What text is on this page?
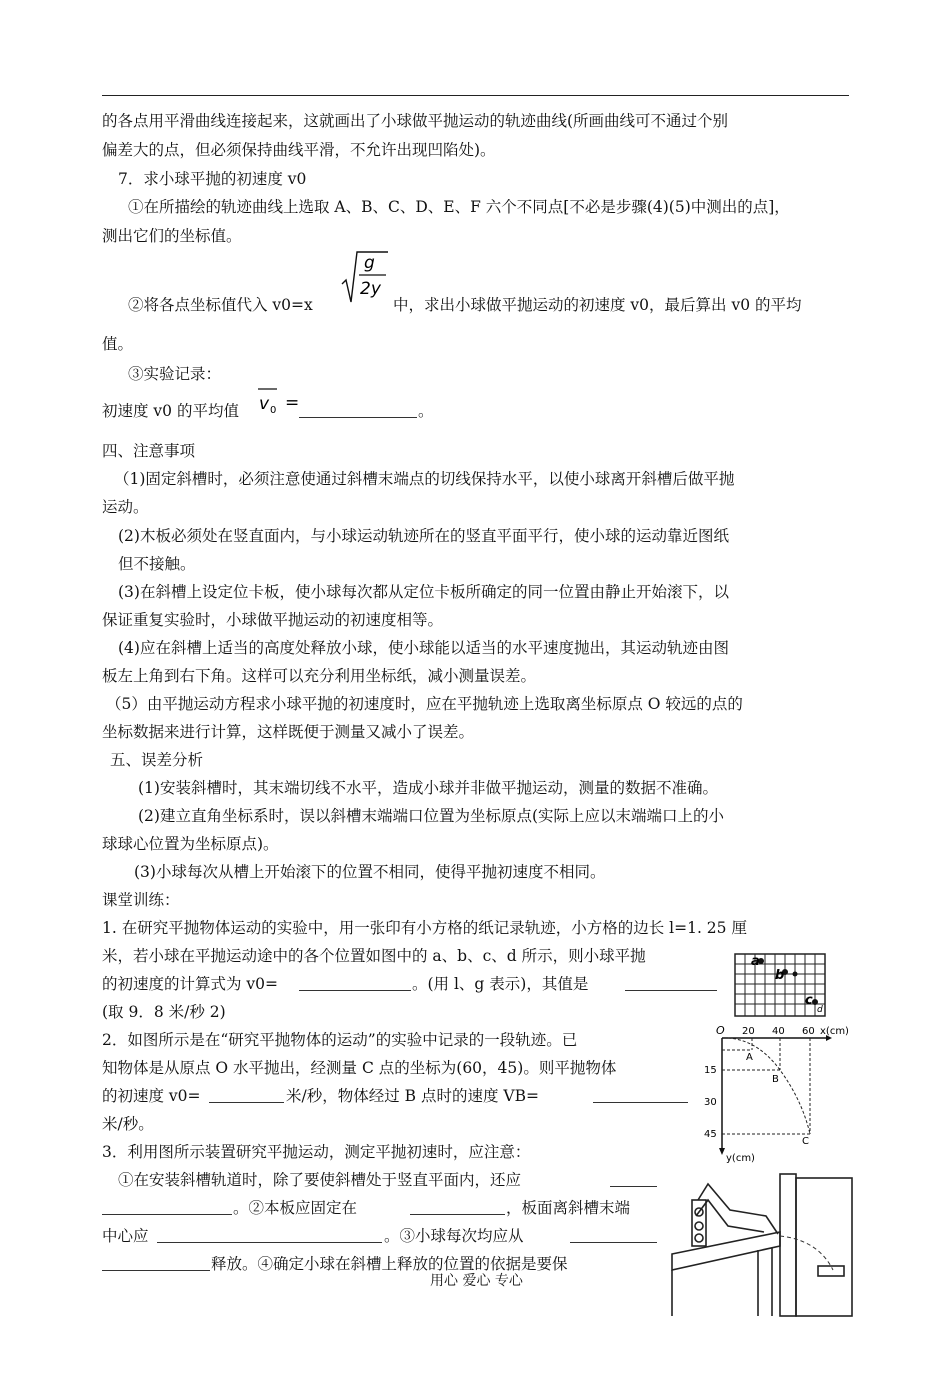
的各点用平滑曲线连接起来，这就画出了小球做平抛运动的轨迹曲线(所画曲线可不通过个别
偏差大的点，但必须保持曲线平滑，不允许出现凹陷处)。
7．求小球平抛的初速度 v0
①在所描绘的轨迹曲线上选取 A、B、C、D、E、F 六个不同点[不必是步骤(4)(5)中测出的点]，
测出它们的坐标值。
②将各点坐标值代入 v0=x
g
2y
中，求出小球做平抛运动的初速度 v0，最后算出 v0 的平均
值。
③实验记录：
初速度 v0 的平均值 v 0 =	。
四、注意事项
（1)固定斜槽时，必须注意使通过斜槽末端点的切线保持水平，以使小球离开斜槽后做平抛
运动。
(2)木板必须处在竖直面内，与小球运动轨迹所在的竖直平面平行，使小球的运动靠近图纸
但不接触。
(3)在斜槽上设定位卡板，使小球每次都从定位卡板所确定的同一位置由静止开始滚下，以
保证重复实验时，小球做平抛运动的初速度相等。
(4)应在斜槽上适当的高度处释放小球，使小球能以适当的水平速度抛出，其运动轨迹由图
板左上角到右下角。这样可以充分利用坐标纸，减小测量误差。
（5）由平抛运动方程求小球平抛的初速度时，应在平抛轨迹上选取离坐标原点 O 较远的点的
坐标数据来进行计算，这样既便于测量又减小了误差。
五、误差分析
(1)安装斜槽时，其末端切线不水平，造成小球并非做平抛运动，测量的数据不准确。
(2)建立直角坐标系时，误以斜槽末端端口位置为坐标原点(实际上应以末端端口上的小
球球心位置为坐标原点)。
(3)小球每次从槽上开始滚下的位置不相同，使得平抛初速度不相同。
课堂训练：
1. 在研究平抛物体运动的实验中，用一张印有小方格的纸记录轨迹，小方格的边长 l=1. 25 厘
米，若小球在平抛运动途中的各个位置如图中的 a、b、c、d 所示，则小球平抛
的初速度的计算式为 v0=	。(用 l、g 表示)，其值是
(取 9．8 米/秒 2)
2．如图所示是在“研究平抛物体的运动”的实验中记录的一段轨迹。已
知物体是从原点 O 水平抛出，经测量 C 点的坐标为(60，45)。则平抛物体
的初速度 v0=	米/秒，物体经过 B 点时的速度 VB=
米/秒。
3．利用图所示装置研究平抛运动，测定平抛初速时，应注意：
①在安装斜槽轨道时，除了要使斜槽处于竖直平面内，还应
。②本板应固定在	，板面离斜槽末端
中心应	。③小球每次均应从
释放。④确定小球在斜槽上释放的位置的依据是要保
a
b
c
d
O 20 40 60 x(cm)
15
30
45
y(cm)
A
B
C
用心 爱心 专心
